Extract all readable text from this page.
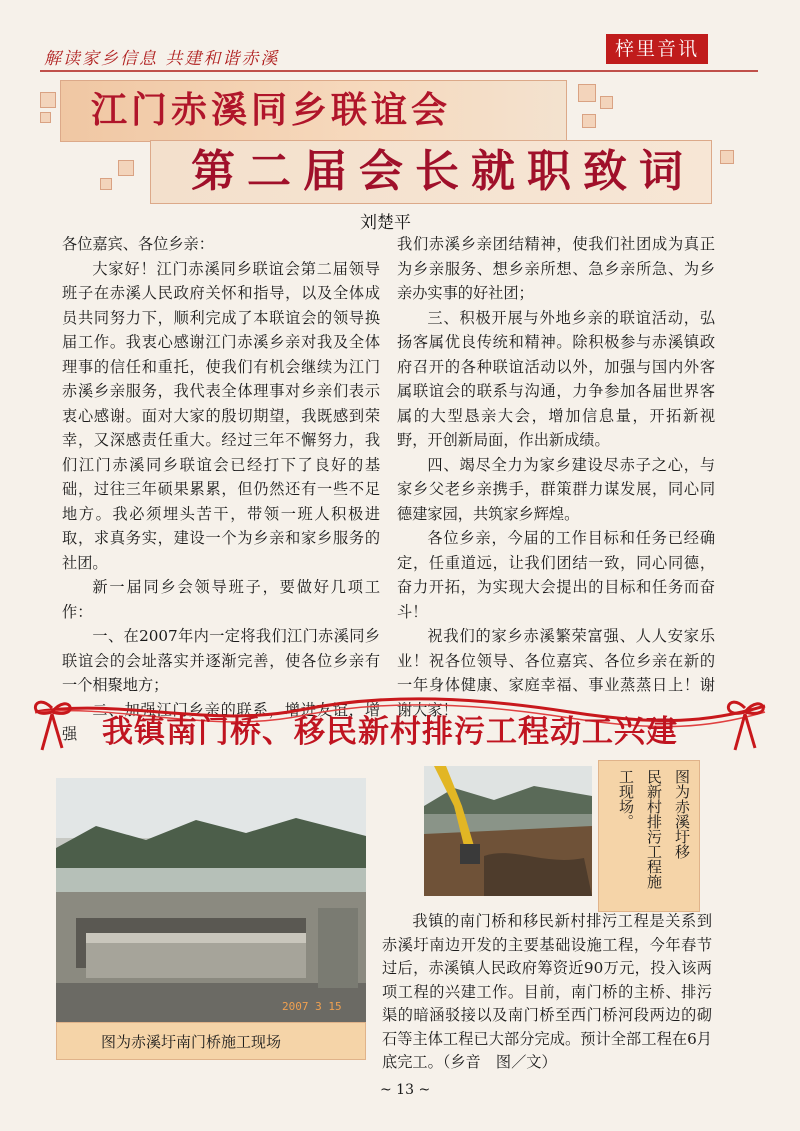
解读家乡信息 共建和谐赤溪	梓里音讯
江门赤溪同乡联谊会
第二届会长就职致词
刘楚平

各位嘉宾、各位乡亲：

大家好！江门赤溪同乡联谊会第二届领导班子在赤溪人民政府关怀和指导，以及全体成员共同努力下，顺利完成了本联谊会的领导换届工作。我衷心感谢江门赤溪乡亲对我及全体理事的信任和重托，使我们有机会继续为江门赤溪乡亲服务，我代表全体理事对乡亲们表示衷心感谢。面对大家的殷切期望，我既感到荣幸，又深感责任重大。经过三年不懈努力，我们江门赤溪同乡联谊会已经打下了良好的基础，过往三年硕果累累，但仍然还有一些不足地方。我必须埋头苦干，带领一班人积极进取，求真务实，建设一个为乡亲和家乡服务的社团。

新一届同乡会领导班子，要做好几项工作：

一、在2007年内一定将我们江门赤溪同乡联谊会的会址落实并逐渐完善，使各位乡亲有一个相聚地方；

二、加强江门乡亲的联系，增进友谊，增强

我们赤溪乡亲团结精神，使我们社团成为真正为乡亲服务、想乡亲所想、急乡亲所急、为乡亲办实事的好社团；

三、积极开展与外地乡亲的联谊活动，弘扬客属优良传统和精神。除积极参与赤溪镇政府召开的各种联谊活动以外，加强与国内外客属联谊会的联系与沟通，力争参加各届世界客属的大型恳亲大会，增加信息量，开拓新视野，开创新局面，作出新成绩。

四、竭尽全力为家乡建设尽赤子之心，与家乡父老乡亲携手，群策群力谋发展，同心同德建家园，共筑家乡辉煌。

各位乡亲，今届的工作目标和任务已经确定，任重道远，让我们团结一致，同心同德，奋力开拓，为实现大会提出的目标和任务而奋斗！

祝我们的家乡赤溪繁荣富强、人人安家乐业！祝各位领导、各位嘉宾、各位乡亲在新的一年身体健康、家庭幸福、事业蒸蒸日上！谢谢大家！

我镇南门桥、移民新村排污工程动工兴建
2007 3 15
图为赤溪圩南门桥施工现场
图为赤溪圩移
民新村排污工程施
工现场。

我镇的南门桥和移民新村排污工程是关系到赤溪圩南边开发的主要基础设施工程，今年春节过后，赤溪镇人民政府筹资近90万元，投入该两项工程的兴建工作。目前，南门桥的主桥、排污渠的暗涵驳接以及南门桥至西门桥河段两边的砌石等主体工程已大部分完成。预计全部工程在6月底完工。（乡音　图／文）

~ 13 ~
